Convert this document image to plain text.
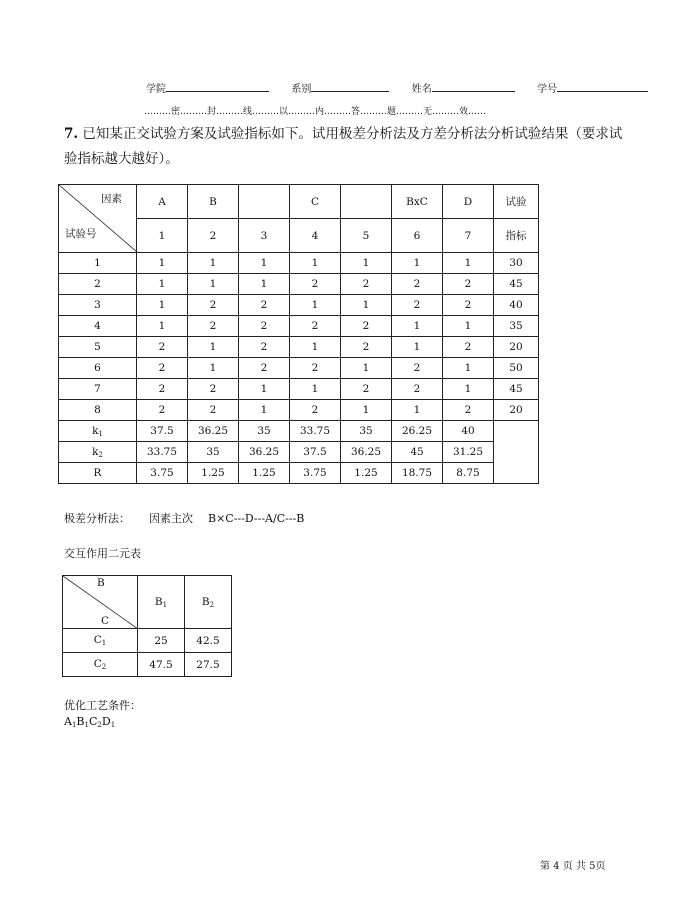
学院	系别	姓名	学号
………密………封………线………以………内………答………题………无………效……
7. 已知某正交试验方案及试验指标如下。试用极差分析法及方差分析法分析试验结果（要求试验指标越大越好）。
因素
试验号	A	B		C		BxC	D	试验
	1	2	3	4	5	6	7	指标
1	1	1	1	1	1	1	1	30
2	1	1	1	2	2	2	2	45
3	1	2	2	1	1	2	2	40
4	1	2	2	2	2	1	1	35
5	2	1	2	1	2	1	2	20
6	2	1	2	2	1	2	1	50
7	2	2	1	1	2	2	1	45
8	2	2	1	2	1	1	2	20
$k_1$	37.5	36.25	35	33.75	35	26.25	40	
$k_2$	33.75	35	36.25	37.5	36.25	45	31.25	
R	3.75	1.25	1.25	3.75	1.25	18.75	8.75	
极差分析法： 因素主次 B×C---D---A/C---B
交互作用二元表
B
C	$B_1$	$B_2$
$C_1$	25	42.5
$C_2$	47.5	27.5
优化工艺条件：
$A_1B_1C_2D_1$
第 4 页 共 5页
